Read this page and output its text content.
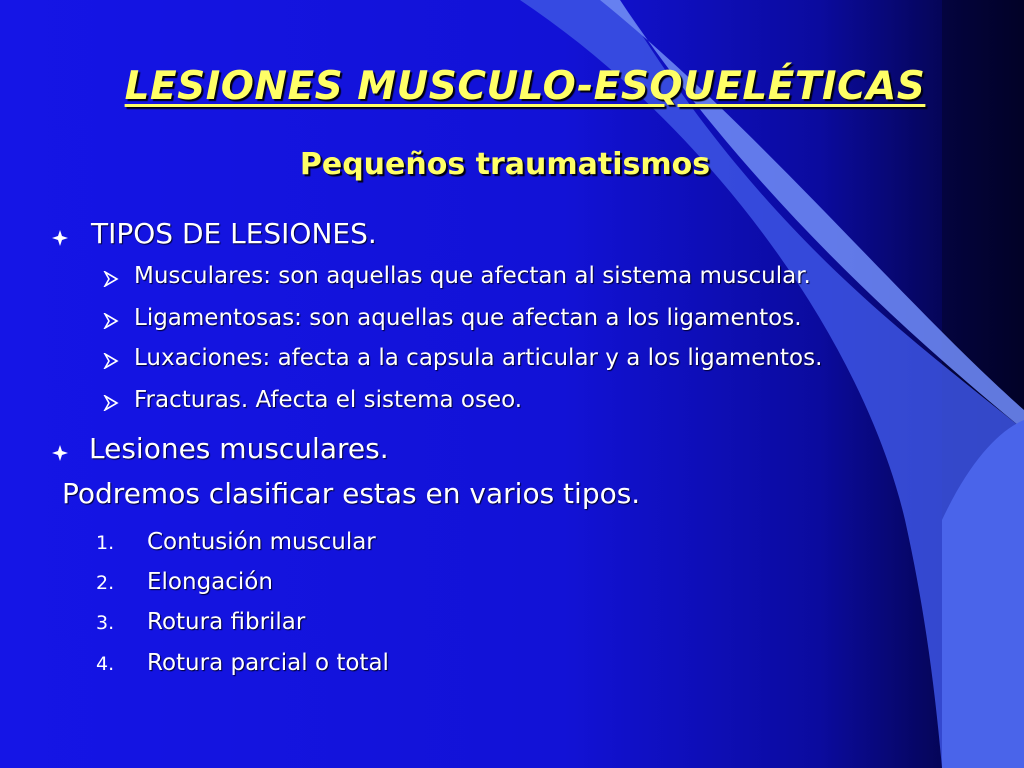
LESIONES MUSCULO-ESQUELÉTICAS
Pequeños traumatismos

TIPOS DE LESIONES.

Musculares: son aquellas que afectan al sistema muscular.

Ligamentosas: son aquellas que afectan a los ligamentos.

Luxaciones: afecta a la capsula articular y a los ligamentos.

Fracturas. Afecta el sistema oseo.

Lesiones musculares.

Podremos clasificar estas en varios tipos.

1. Contusión muscular

2. Elongación

3. Rotura fibrilar

4. Rotura parcial o total
